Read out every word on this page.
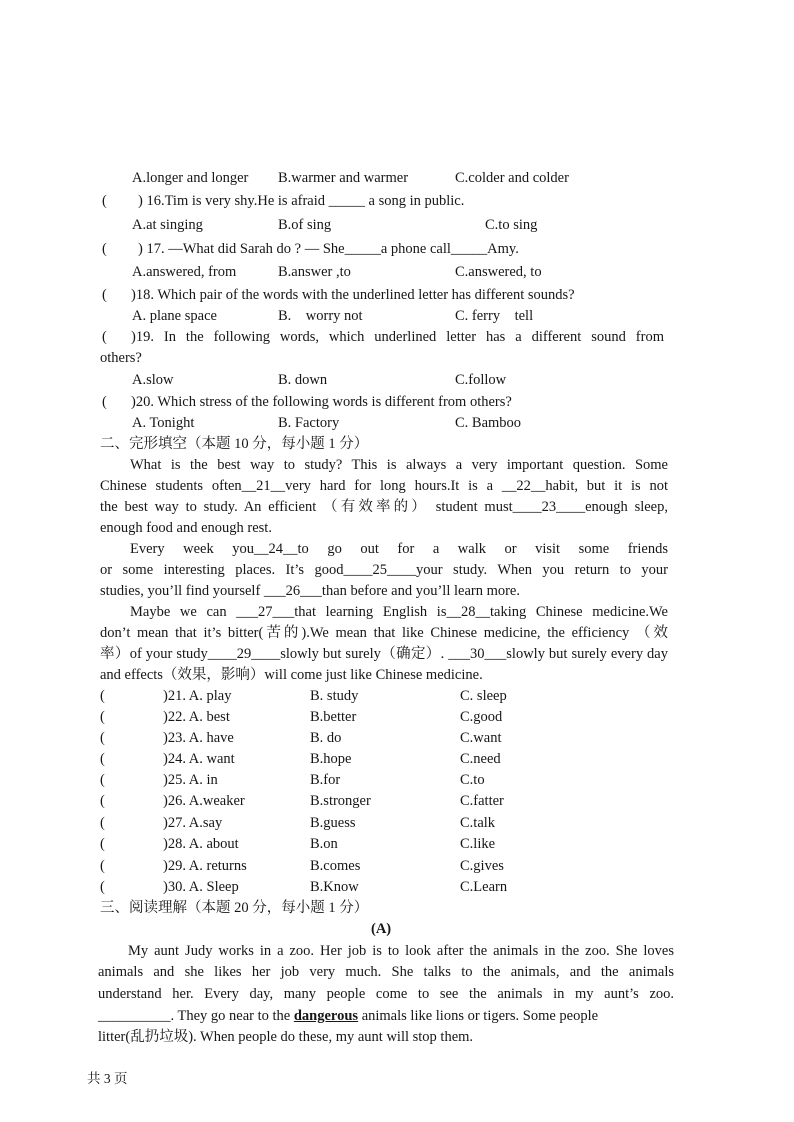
A.longer and longer B.warmer and warmer	C.colder and colder
( ) 16.Tim is very shy.He is afraid _____ a song in public.
A.at singing	B.of sing	C.to sing
( ) 17. —What did Sarah do ? — She_____a phone call_____Amy.
A.answered, from	B.answer ,to	C.answered, to
( )18. Which pair of the words with the underlined letter has different sounds?
A. plane space	B.    worry not	C. ferry    tell
( )19. In the following words, which underlined letter has a different sound from
others?
A.slow	B. down	C.follow
( )20. Which stress of the following words is different from others?
A. Tonight	B. Factory	C. Bamboo
二、完形填空（本题 10 分，每小题 1 分）
What is the best way to study? This is always a very important question. Some
Chinese students often__21__very hard for long hours.It is a __22__habit, but it is not
the best way to study. An efficient （有效率的） student must____23____enough sleep,
enough food and enough rest.
Every week you__24__to go out for a walk or visit some friends
or some interesting places. It’s good____25____your study. When you return to your
studies, you’ll find yourself ___26___than before and you’ll learn more.
Maybe we can ___27___that learning English is__28__taking Chinese medicine.We
don’t mean that it’s bitter(苦的).We mean that like Chinese medicine, the efficiency （效
率）of your study____29____slowly but surely（确定）. ___30___slowly but surely every day
and effects（效果，影响）will come just like Chinese medicine.
(	)21. A. play	B. study	C. sleep
(	)22. A. best	B.better	C.good
(	)23. A. have	B. do	C.want
(	)24. A. want	B.hope	C.need
(	)25. A. in	B.for	C.to
(	)26. A.weaker	B.stronger	C.fatter
(	)27. A.say	B.guess	C.talk
(	)28. A. about	B.on	C.like
(	)29. A. returns	B.comes	C.gives
(	)30. A. Sleep	B.Know	C.Learn
三、阅读理解（本题 20 分，每小题 1 分）
(A)
My aunt Judy works in a zoo. Her job is to look after the animals in the zoo. She loves
animals and she likes her job very much. She talks to the animals, and the animals
understand her. Every day, many people come to see the animals in my aunt’s zoo.
__________ . They go near to the dangerous animals like lions or tigers. Some people
litter(乱扔垃圾). When people do these, my aunt will stop them.
共 3 页
